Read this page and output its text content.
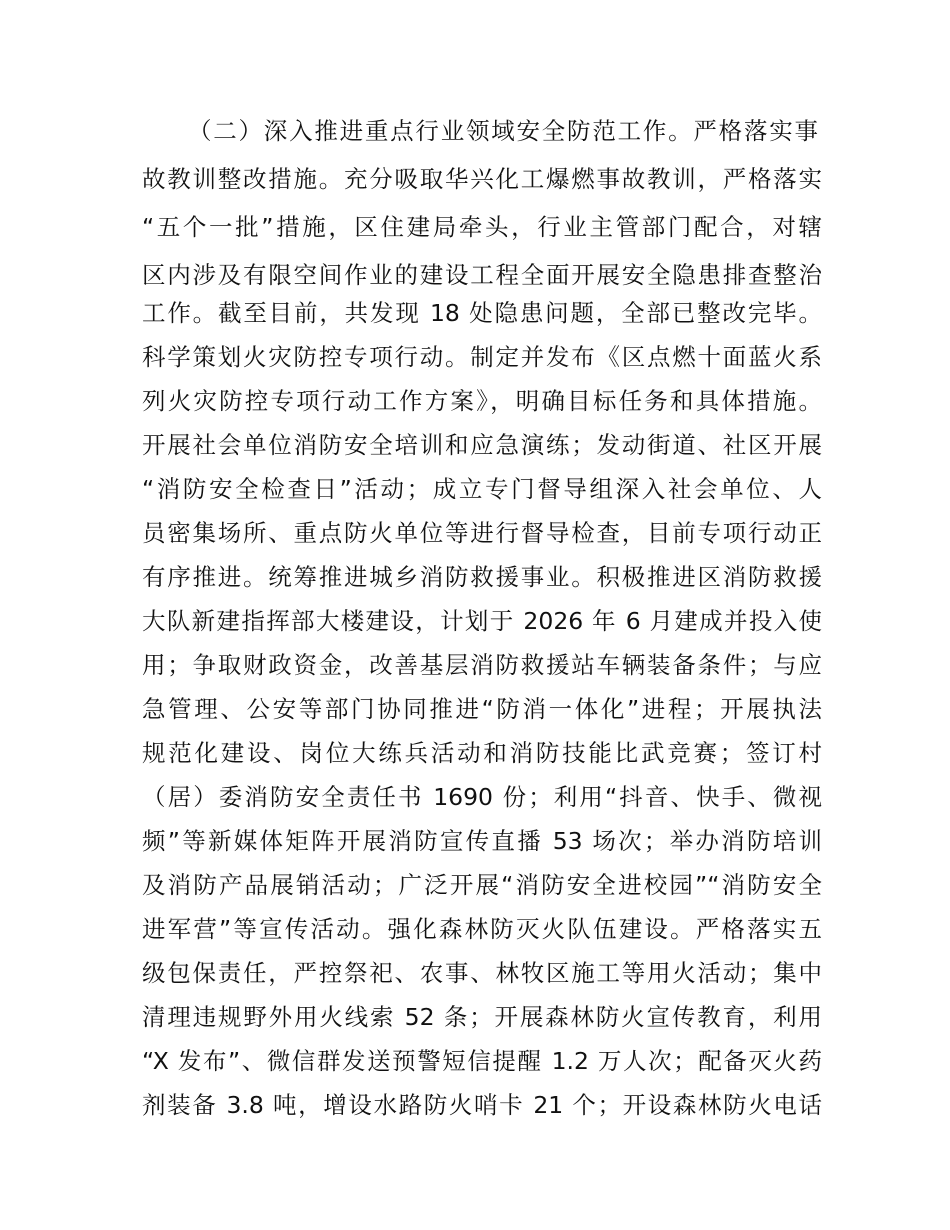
（二）深入推进重点行业领域安全防范工作。严格落实事
故教训整改措施。充分吸取华兴化工爆燃事故教训，严格落实
“五个一批”措施，区住建局牵头，行业主管部门配合，对辖
区内涉及有限空间作业的建设工程全面开展安全隐患排查整治
工作。截至目前，共发现 18 处隐患问题，全部已整改完毕。
科学策划火灾防控专项行动。制定并发布《区点燃十面蓝火系
列火灾防控专项行动工作方案》，明确目标任务和具体措施。
开展社会单位消防安全培训和应急演练；发动街道、社区开展
“消防安全检查日”活动；成立专门督导组深入社会单位、人
员密集场所、重点防火单位等进行督导检查，目前专项行动正
有序推进。统筹推进城乡消防救援事业。积极推进区消防救援
大队新建指挥部大楼建设，计划于 2026 年 6 月建成并投入使
用；争取财政资金，改善基层消防救援站车辆装备条件；与应
急管理、公安等部门协同推进“防消一体化”进程；开展执法
规范化建设、岗位大练兵活动和消防技能比武竞赛；签订村
（居）委消防安全责任书 1690 份；利用“抖音、快手、微视
频”等新媒体矩阵开展消防宣传直播 53 场次；举办消防培训
及消防产品展销活动；广泛开展“消防安全进校园”“消防安全
进军营”等宣传活动。强化森林防灭火队伍建设。严格落实五
级包保责任，严控祭祀、农事、林牧区施工等用火活动；集中
清理违规野外用火线索 52 条；开展森林防火宣传教育，利用
“X 发布”、微信群发送预警短信提醒 1.2 万人次；配备灭火药
剂装备 3.8 吨，增设水路防火哨卡 21 个；开设森林防火电话
